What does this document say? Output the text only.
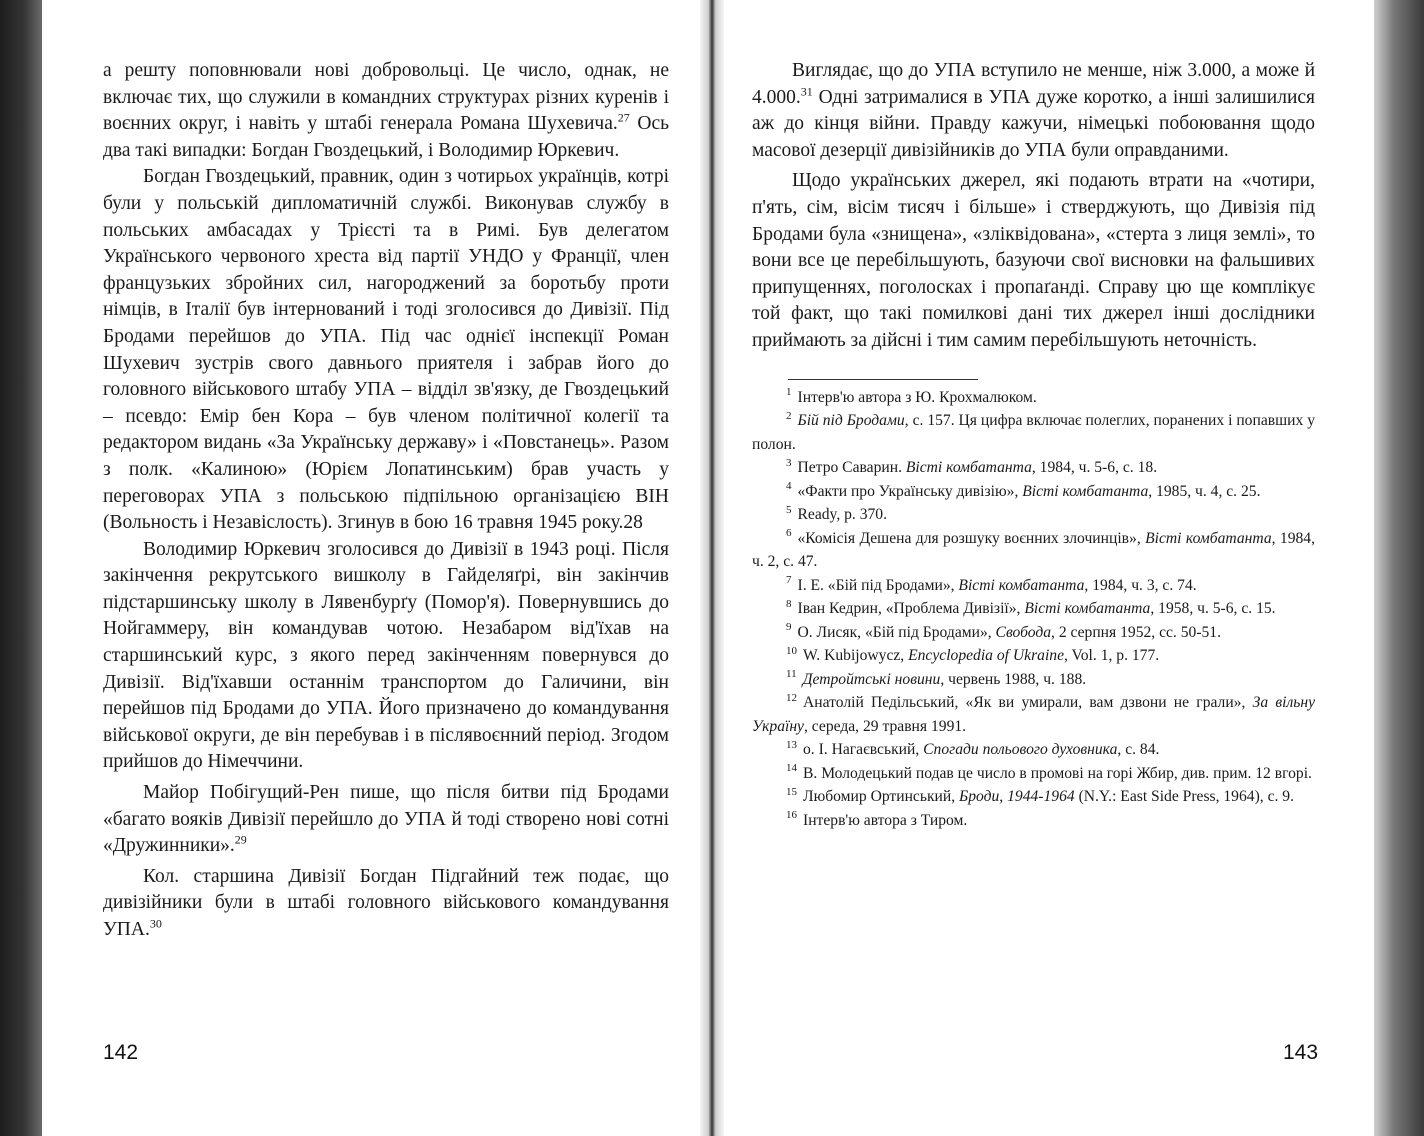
а решту поповнювали нові добровольці. Це число, однак, не включає тих, що служили в командних структурах різних куренів і воєнних округ, і навіть у штабі генерала Романа Шухевича.$^{27}$ Ось два такі випадки: Богдан Гвоздецький, і Володимир Юркевич.

Богдан Гвоздецький, правник, один з чотирьох українців, котрі були у польській дипломатичній службі. Виконував службу в польських амбасадах у Трієсті та в Римі. Був делегатом Українського червоного хреста від партії УНДО у Франції, член французьких збройних сил, нагороджений за боротьбу проти німців, в Італії був інтернований і тоді зголосився до Дивізії. Під Бродами перейшов до УПА. Під час однієї інспекції Роман Шухевич зустрів свого давнього приятеля і забрав його до головного військового штабу УПА – відділ зв'язку, де Гвоздецький – псевдо: Емір бен Кора – був членом політичної колегії та редактором видань «За Українську державу» і «Повстанець». Разом з полк. «Калиною» (Юрієм Лопатинським) брав участь у переговорах УПА з польською підпільною організацією ВІН (Вольность і Незавіслость). Згинув в бою 16 травня 1945 року.28

Володимир Юркевич зголосився до Дивізії в 1943 році. Після закінчення рекрутського вишколу в Гайделяґрі, він закінчив підстаршинську школу в Лявенбурґу (Помор'я). Повернувшись до Нойгаммеру, він командував чотою. Незабаром від'їхав на старшинський курс, з якого перед закінченням повернувся до Дивізії. Від'їхавши останнім транспортом до Галичини, він перейшов під Бродами до УПА. Його призначено до командування військової округи, де він перебував і в післявоєнний період. Згодом прийшов до Німеччини.

Майор Побігущий-Рен пише, що після битви під Бродами «багато вояків Дивізії перейшло до УПА й тоді створено нові сотні «Дружинники».$^{29}$

Кол. старшина Дивізії Богдан Підгайний теж подає, що дивізійники були в штабі головного військового командування УПА.$^{30}$

142

Виглядає, що до УПА вступило не менше, ніж 3.000, а може й 4.000.31 Одні затрималися в УПА дуже коротко, а інші залишилися аж до кінця війни. Правду кажучи, німецькі побоювання щодо масової дезерції дивізійників до УПА були оправданими.

Щодо українських джерел, які подають втрати на «чотири, п'ять, сім, вісім тисяч і більше» і стверджують, що Дивізія під Бродами була «знищена», «зліквідована», «стерта з лиця землі», то вони все це перебільшують, базуючи свої висновки на фальшивих припущеннях, поголосках і пропаґанді. Справу цю ще комплікує той факт, що такі помилкові дані тих джерел інші дослідники приймають за дійсні і тим самим перебільшують неточність.

$^1$ Інтерв'ю автора з Ю. Крохмалюком.

$^2$ Бій під Бродами, с. 157. Ця цифра включає полеглих, поранених і попавших у полон.

$^3$ Петро Саварин. Вісті комбатанта, 1984, ч. 5-6, с. 18.

$^4$ «Факти про Українську дивізію», Вісті комбатанта, 1985, ч. 4, с. 25.

$^5$ Ready, p. 370.

$^6$ «Комісія Дешена для розшуку воєнних злочинців», Вісті комбатанта, 1984, ч. 2, с. 47.

$^7$ І. Е. «Бій під Бродами», Вісті комбатанта, 1984, ч. 3, с. 74.

$^8$ Іван Кедрин, «Проблема Дивізії», Вісті комбатанта, 1958, ч. 5-6, с. 15.

$^9$ О. Лисяк, «Бій під Бродами», Свобода, 2 серпня 1952, сс. 50-51.

$^{10}$ W. Kubijowycz, Encyclopedia of Ukraine, Vol. 1, p. 177.

$^{11}$ Детройтські новини, червень 1988, ч. 188.

$^{12}$ Анатолій Педільський, «Як ви умирали, вам дзвони не грали», За вільну Україну, середа, 29 травня 1991.

$^{13}$ о. І. Нагаєвський, Спогади польового духовника, с. 84.

$^{14}$ В. Молодецький подав це число в промові на горі Жбир, див. прим. 12 вгорі.

$^{15}$ Любомир Ортинський, Броди, 1944-1964 (N.Y.: East Side Press, 1964), с. 9.

$^{16}$ Інтерв'ю автора з Тиром.

143
